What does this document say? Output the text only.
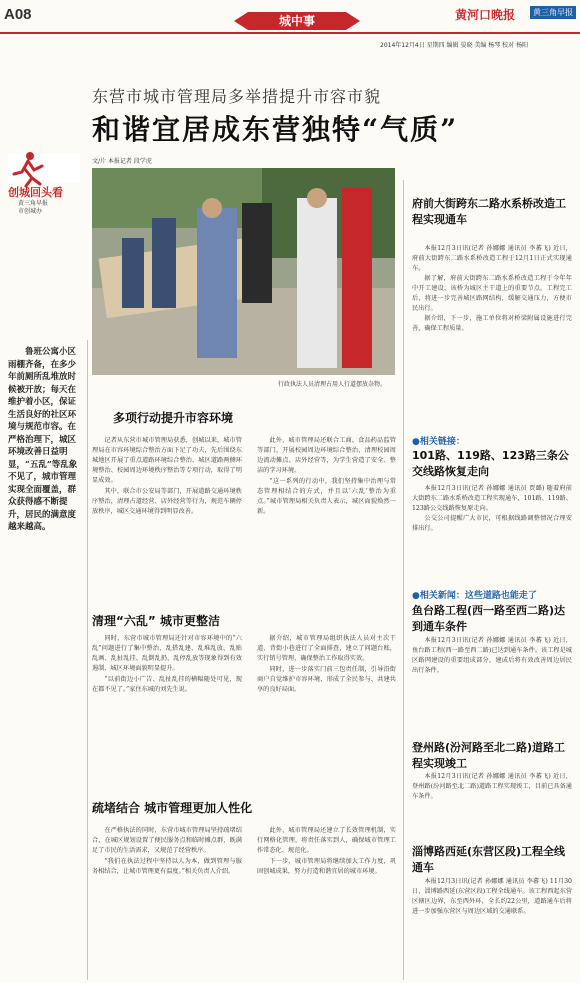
A08	城中事	黄河口晚报	黄三角早报
2014年12月4日 星期四 编辑 晏晓 美编 杨琴 校对 杨阳
东营市城市管理局多举措提升市容市貌
和谐宜居成东营独特“气质”
文/片 本报记者 段学虎
创城回头看
黄三角早报
市创城办
行政执法人员清理占用人行道摆放杂物。
鲁班公寓小区雨棚齐备，在多少年前厕所乱堆放时候被开放；每天在维护着小区，保证生活良好的社区环境与规范市容。在严格治理下，城区环境改善日益明显，“五乱”等乱象不见了，城市管理实现全面覆盖，群众获得感不断提升，居民的满意度越来越高。
多项行动提升市容环境

记者从东营市城市管理局获悉，创城以来，城市管理局在市容环境综合整治方面下足了功夫，先后围绕东城地区开展了重点道路环境综合整治、城区道路两侧环境整治、校园周边环境秩序整治等专项行动，取得了明显成效。

其中，联合市公安局等部门，开展道路交通环境秩序整治，清理占道经营、店外经营等行为，规范车辆停放秩序，城区交通环境得到明显改善。

此外，城市管理局还联合工商、食品药品监管等部门，开展校园周边环境综合整治，清理校园周边流动摊点、店外经营等，为学生营造了安全、整洁的学习环境。

“这一系列的行动中，我们坚持集中治理与常态管理相结合的方式，并且以‘六乱’整治为重点。”城市管理局相关负责人表示，城区面貌焕然一新。

清理“六乱” 城市更整洁

同时，东营市城市管理局还针对市容环境中的“六乱”问题进行了集中整治，乱搭乱建、乱堆乱放、乱贴乱画、乱扯乱挂、乱倒乱扔、乱停乱放等现象得到有效遏制，城区环境面貌明显提升。

“以前街边小广告、乱扯乱挂的横幅随处可见，现在都不见了。”家住东城的刘先生说。

据介绍，城市管理局组织执法人员对主次干道、背街小巷进行了全面排查，建立了问题台账，实行销号管理，确保整治工作取得实效。

同时，进一步落实门前三包责任制，引导沿街商户自觉维护市容环境，形成了全民参与、共建共享的良好局面。

疏堵结合 城市管理更加人性化

在严格执法的同时，东营市城市管理局坚持疏堵结合，在城区规划设置了便民服务点和临时摊点群，既满足了市民的生活需求，又规范了经营秩序。

“我们在执法过程中坚持以人为本，做到管理与服务相结合，让城市管理更有温度。”相关负责人介绍。

此外，城市管理局还建立了长效管理机制，实行网格化管理，将责任落实到人，确保城市管理工作常态化、规范化。

下一步，城市管理局将继续加大工作力度，巩固创城成果，努力打造和谐宜居的城市环境。

府前大街跨东二路水系桥改造工程实现通车

本报12月3日讯(记者 孙娜娜 通讯员 李蕃飞) 近日，府前大街跨东二路水系桥改造工程于12月1日正式实现通车。

据了解，府前大街跨东二路水系桥改造工程于今年年中开工建设，该桥为城区主干道上的重要节点。工程完工后，将进一步完善城区路网结构，缓解交通压力，方便市民出行。

据介绍，下一步，施工单位将对桥梁附属设施进行完善，确保工程质量。

●相关链接：
101路、119路、123路三条公交线路恢复走向

本报12月3日讯(记者 孙娜娜 通讯员 贾璐) 随着府前大街跨东二路水系桥改造工程实现通车，101路、119路、123路公交线路恢复原走向。

公交公司提醒广大市民，可根据线路调整情况合理安排出行。

●相关新闻：这些道路也能走了
鱼台路工程(西一路至西二路)达到通车条件

本报12月3日讯(记者 孙娜娜 通讯员 李蕃飞) 近日，鱼台路工程(西一路至西二路)已达到通车条件。该工程是城区路网建设的重要组成部分，建成后将有效改善周边居民出行条件。

登州路(汾河路至北二路)道路工程实现竣工

本报12月3日讯(记者 孙娜娜 通讯员 李蕃飞) 近日，登州路(汾河路至北二路)道路工程实现竣工，目前已具备通车条件。

淄博路西延(东营区段)工程全线通车

本报12月3日讯(记者 孙娜娜 通讯员 李蕃飞) 11月30日，淄博路西延(东营区段)工程全线通车。该工程西起东营区辖区边界，东至西外环，全长约22公里，道路通车后将进一步加强东营区与周边区域的交通联系。
